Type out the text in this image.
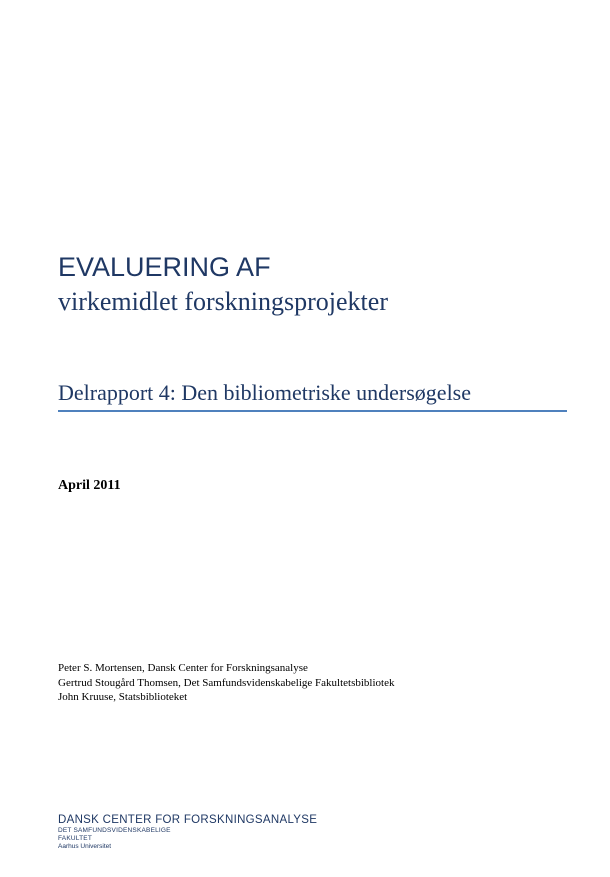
EVALUERING AF
virkemidlet forskningsprojekter
Delrapport 4: Den bibliometriske undersøgelse
April 2011
Peter S. Mortensen, Dansk Center for Forskningsanalyse
Gertrud Stougård Thomsen, Det Samfundsvidenskabelige Fakultetsbibliotek
John Kruuse, Statsbiblioteket
DANSK CENTER FOR FORSKNINGSANALYSE
DET SAMFUNDSVIDENSKABELIGE
FAKULTET
Aarhus Universitet
